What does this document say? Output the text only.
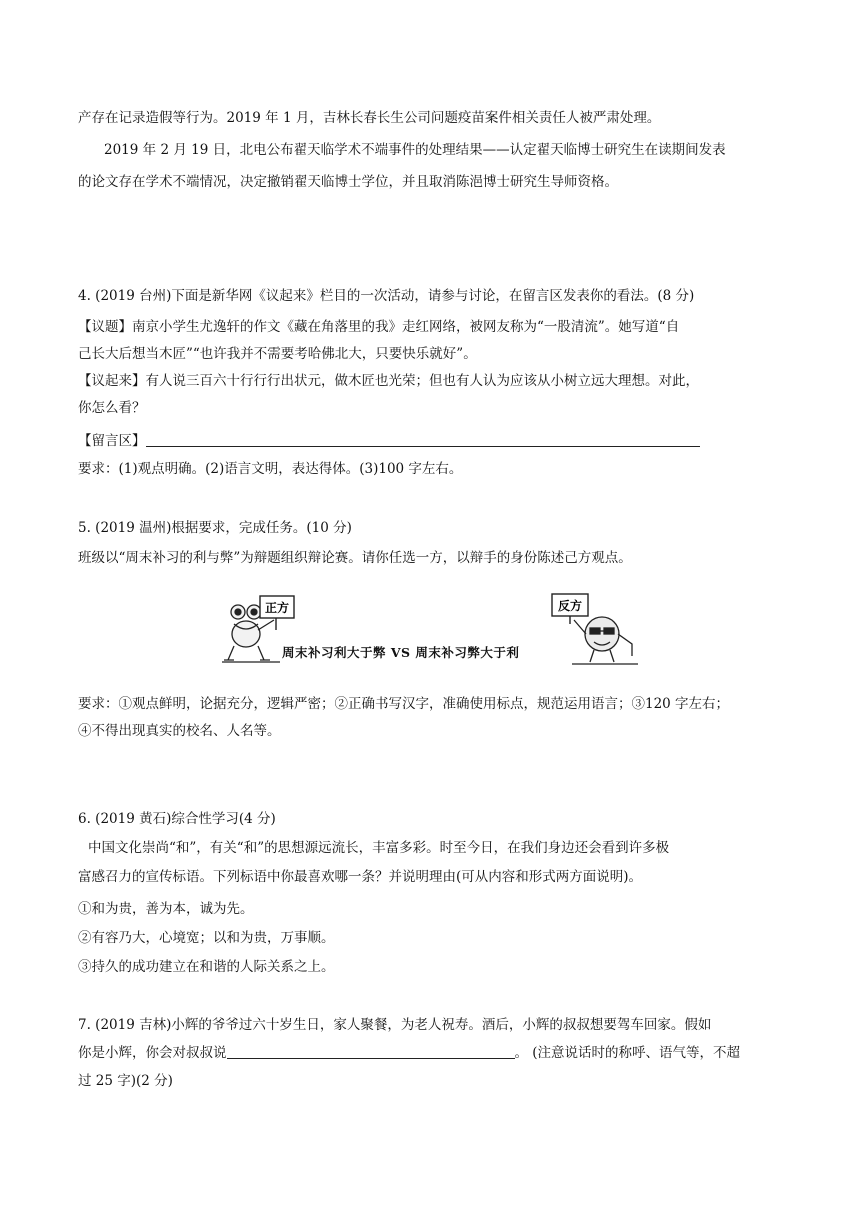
产存在记录造假等行为。2019 年 1 月，吉林长春长生公司问题疫苗案件相关责任人被严肃处理。
2019 年 2 月 19 日，北电公布翟天临学术不端事件的处理结果——认定翟天临博士研究生在读期间发表
的论文存在学术不端情况，决定撤销翟天临博士学位，并且取消陈浥博士研究生导师资格。
4. (2019 台州)下面是新华网《议起来》栏目的一次活动，请参与讨论，在留言区发表你的看法。(8 分)
【议题】南京小学生尤逸轩的作文《藏在角落里的我》走红网络，被网友称为“一股清流”。她写道“自
己长大后想当木匠”“也许我并不需要考哈佛北大，只要快乐就好”。
【议起来】有人说三百六十行行行出状元，做木匠也光荣；但也有人认为应该从小树立远大理想。对此，
你怎么看？
【留言区】
要求：(1)观点明确。(2)语言文明，表达得体。(3)100 字左右。
5. (2019 温州)根据要求，完成任务。(10 分)
班级以“周末补习的利与弊”为辩题组织辩论赛。请你任选一方，以辩手的身份陈述己方观点。
正方	反方
周末补习利大于弊 VS 周末补习弊大于利
要求：①观点鲜明，论据充分，逻辑严密；②正确书写汉字，准确使用标点，规范运用语言；③120 字左右；
④不得出现真实的校名、人名等。
6. (2019 黄石)综合性学习(4 分)
中国文化崇尚“和”，有关“和”的思想源远流长，丰富多彩。时至今日，在我们身边还会看到许多极
富感召力的宣传标语。下列标语中你最喜欢哪一条？并说明理由(可从内容和形式两方面说明)。
①和为贵，善为本，诚为先。
②有容乃大，心境宽；以和为贵，万事顺。
③持久的成功建立在和谐的人际关系之上。
7. (2019 吉林)小辉的爷爷过六十岁生日，家人聚餐，为老人祝寿。酒后，小辉的叔叔想要驾车回家。假如
你是小辉，你会对叔叔说	。 (注意说话时的称呼、语气等，不超
过 25 字)(2 分)
